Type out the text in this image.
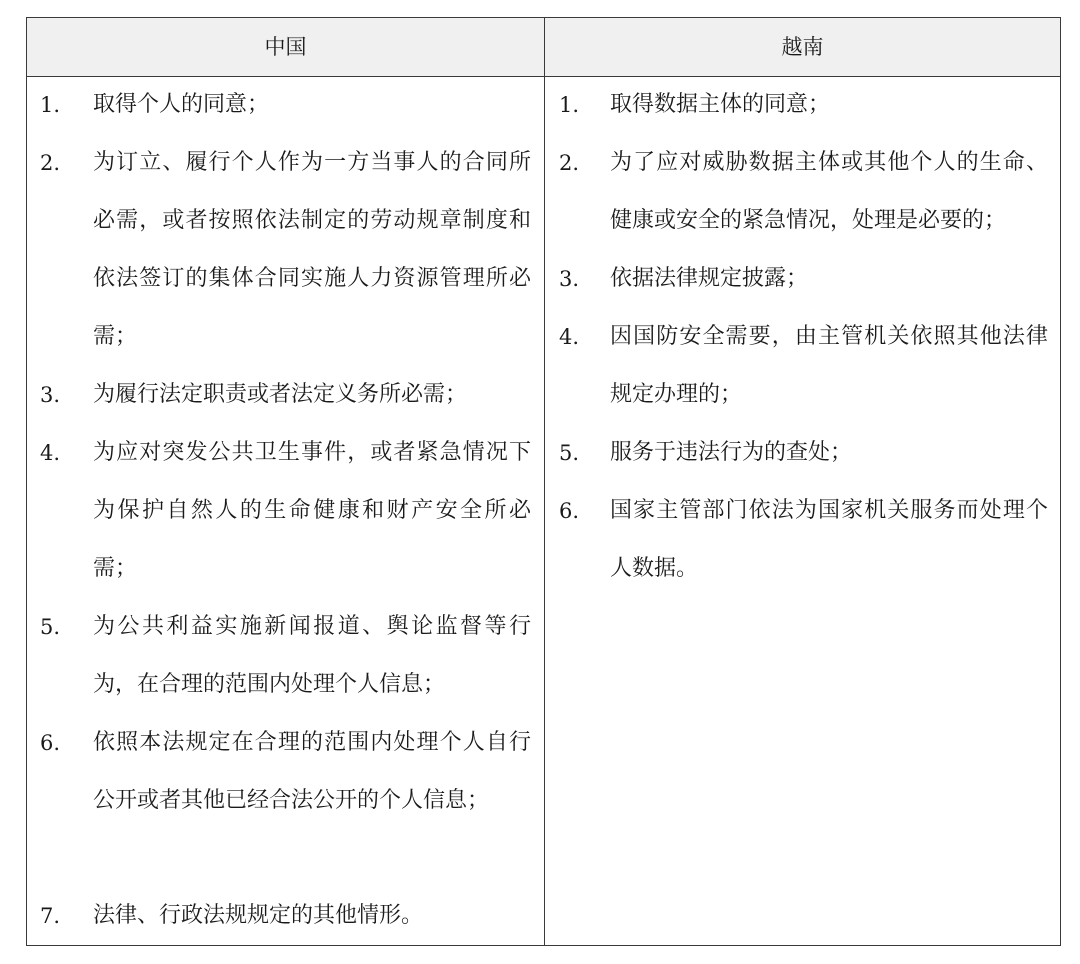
中国	越南
1. 取得个人的同意；
2. 为订立、履行个人作为一方当事人的合同所必需，或者按照依法制定的劳动规章制度和依法签订的集体合同实施人力资源管理所必需；
3. 为履行法定职责或者法定义务所必需；
4. 为应对突发公共卫生事件，或者紧急情况下为保护自然人的生命健康和财产安全所必需；
5. 为公共利益实施新闻报道、舆论监督等行为，在合理的范围内处理个人信息；
6. 依照本法规定在合理的范围内处理个人自行公开或者其他已经合法公开的个人信息；
7. 法律、行政法规规定的其他情形。
1. 取得数据主体的同意；
2. 为了应对威胁数据主体或其他个人的生命、健康或安全的紧急情况，处理是必要的；
3. 依据法律规定披露；
4. 因国防安全需要，由主管机关依照其他法律规定办理的；
5. 服务于违法行为的查处；
6. 国家主管部门依法为国家机关服务而处理个人数据。
